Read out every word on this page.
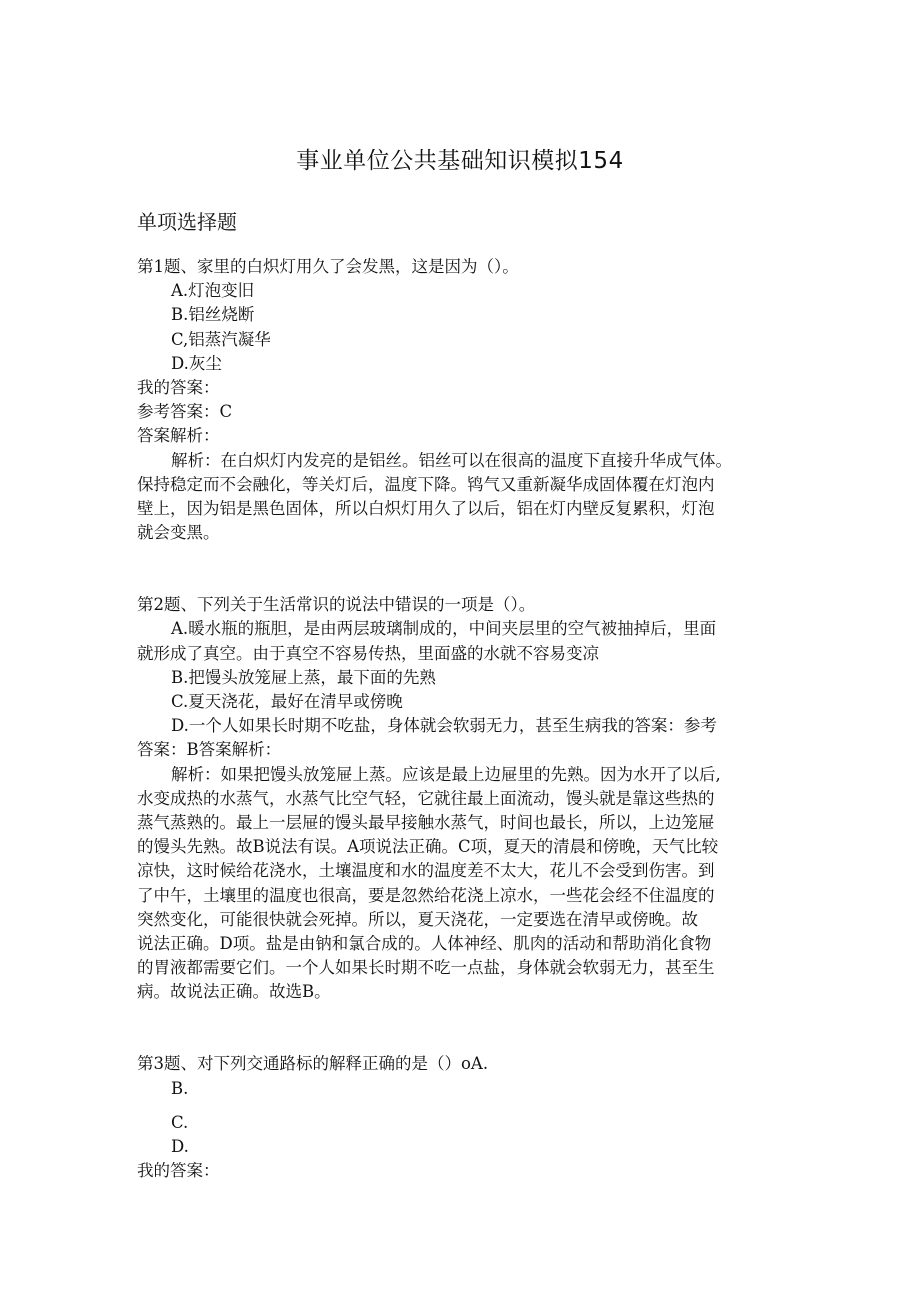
事业单位公共基础知识模拟154
单项选择题
第1题、家里的白炽灯用久了会发黑，这是因为（）。
A.灯泡变旧
B.铝丝烧断
C,铝蒸汽凝华
D.灰尘
我的答案：
参考答案：C
答案解析：
解析：在白炽灯内发亮的是铝丝。铝丝可以在很高的温度下直接升华成气体。
保持稳定而不会融化，等关灯后，温度下降。鸨气又重新凝华成固体覆在灯泡内
壁上，因为铝是黑色固体，所以白炽灯用久了以后，铝在灯内壁反复累积，灯泡
就会变黑。
第2题、下列关于生活常识的说法中错误的一项是（）。
A.暖水瓶的瓶胆，是由两层玻璃制成的，中间夹层里的空气被抽掉后，里面
就形成了真空。由于真空不容易传热，里面盛的水就不容易变凉
B.把馒头放笼屉上蒸，最下面的先熟
C.夏天浇花，最好在清早或傍晚
D.一个人如果长时期不吃盐，身体就会软弱无力，甚至生病我的答案：参考
答案：B答案解析：
解析：如果把馒头放笼屉上蒸。应该是最上边屉里的先熟。因为水开了以后,
水变成热的水蒸气，水蒸气比空气轻，它就往最上面流动，馒头就是靠这些热的
蒸气蒸熟的。最上一层屉的馒头最早接触水蒸气，时间也最长，所以，上边笼屉
的馒头先熟。故B说法有误。A项说法正确。C项，夏天的清晨和傍晚，天气比较
凉快，这时候给花浇水，土壤温度和水的温度差不太大，花儿不会受到伤害。到
了中午，土壤里的温度也很高，要是忽然给花浇上凉水，一些花会经不住温度的
突然变化，可能很快就会死掉。所以，夏天浇花，一定要选在清早或傍晚。故
说法正确。D项。盐是由钠和氯合成的。人体神经、肌肉的活动和帮助消化食物
的胃液都需要它们。一个人如果长时期不吃一点盐，身体就会软弱无力，甚至生
病。故说法正确。故选B。
第3题、对下列交通路标的解释正确的是（）oA.
B.
C.
D.
我的答案：
